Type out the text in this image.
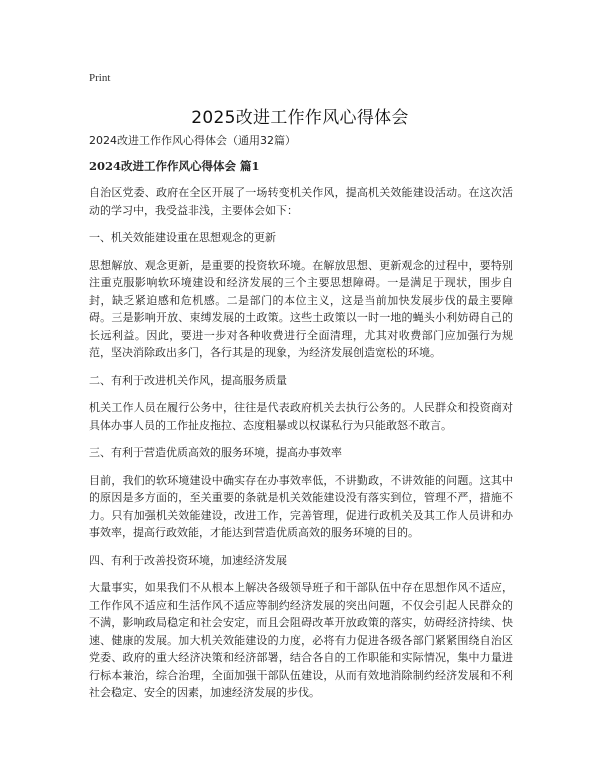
Print
2025改进工作作风心得体会

2024改进工作作风心得体会（通用32篇）

2024改进工作作风心得体会 篇1

自治区党委、政府在全区开展了一场转变机关作风，提高机关效能建设活动。在这次活动的学习中，我受益非浅，主要体会如下：

一、机关效能建设重在思想观念的更新

思想解放、观念更新，是重要的投资软环境。在解放思想、更新观念的过程中，要特别注重克服影响软环境建设和经济发展的三个主要思想障碍。一是满足于现状，围步自封，缺乏紧迫感和危机感。二是部门的本位主义，这是当前加快发展步伐的最主要障碍。三是影响开放、束缚发展的土政策。这些土政策以一时一地的蝇头小利妨碍自己的长远利益。因此，要进一步对各种收费进行全面清理，尤其对收费部门应加强行为规范，坚决消除政出多门，各行其是的现象，为经济发展创造宽松的环境。

二、有利于改进机关作风，提高服务质量

机关工作人员在履行公务中，往往是代表政府机关去执行公务的。人民群众和投资商对具体办事人员的工作扯皮拖拉、态度粗暴或以权谋私行为只能敢怒不敢言。

三、有利于营造优质高效的服务环境，提高办事效率

目前，我们的软环境建设中确实存在办事效率低，不讲勤政，不讲效能的问题。这其中的原因是多方面的，至关重要的条就是机关效能建设没有落实到位，管理不严，措施不力。只有加强机关效能建设，改进工作，完善管理，促进行政机关及其工作人员讲和办事效率，提高行政效能，才能达到营造优质高效的服务环境的目的。

四、有利于改善投资环境，加速经济发展

大量事实，如果我们不从根本上解决各级领导班子和干部队伍中存在思想作风不适应，工作作风不适应和生活作风不适应等制约经济发展的突出问题，不仅会引起人民群众的不满，影响政局稳定和社会安定，而且会阻碍改革开放政策的落实，妨碍经济持续、快速、健康的发展。加大机关效能建设的力度，必将有力促进各级各部门紧紧围绕自治区党委、政府的重大经济决策和经济部署，结合各自的工作职能和实际情况，集中力量进行标本兼治，综合治理，全面加强干部队伍建设，从而有效地消除制约经济发展和不利社会稳定、安全的因素，加速经济发展的步伐。
